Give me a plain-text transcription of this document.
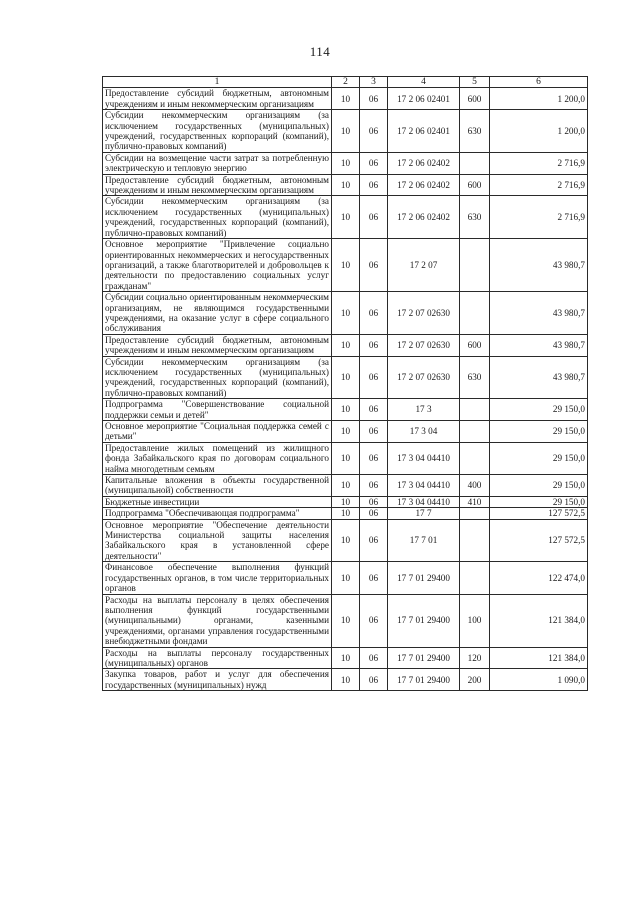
114
1	2	3	4	5	6
Предоставление субсидий бюджетным, автономным учреждениям и иным некоммерческим организациям	10	06	17 2 06 02401	600	1 200,0
Субсидии некоммерческим организациям (за исключением государственных (муниципальных) учреждений, государственных корпораций (компаний), публично-правовых компаний)	10	06	17 2 06 02401	630	1 200,0
Субсидии на возмещение части затрат за потребленную электрическую и тепловую энергию	10	06	17 2 06 02402		2 716,9
Предоставление субсидий бюджетным, автономным учреждениям и иным некоммерческим организациям	10	06	17 2 06 02402	600	2 716,9
Субсидии некоммерческим организациям (за исключением государственных (муниципальных) учреждений, государственных корпораций (компаний), публично-правовых компаний)	10	06	17 2 06 02402	630	2 716,9
Основное мероприятие "Привлечение социально ориентированных некоммерческих и негосударственных организаций, а также благотворителей и добровольцев к деятельности по предоставлению социальных услуг гражданам"	10	06	17 2 07		43 980,7
Субсидии социально ориентированным некоммерческим организациям, не являющимся государственными учреждениями, на оказание услуг в сфере социального обслуживания	10	06	17 2 07 02630		43 980,7
Предоставление субсидий бюджетным, автономным учреждениям и иным некоммерческим организациям	10	06	17 2 07 02630	600	43 980,7
Субсидии некоммерческим организациям (за исключением государственных (муниципальных) учреждений, государственных корпораций (компаний), публично-правовых компаний)	10	06	17 2 07 02630	630	43 980,7
Подпрограмма "Совершенствование социальной поддержки семьи и детей"	10	06	17 3		29 150,0
Основное мероприятие "Социальная поддержка семей с детьми"	10	06	17 3 04		29 150,0
Предоставление жилых помещений из жилищного фонда Забайкальского края по договорам социального найма многодетным семьям	10	06	17 3 04 04410		29 150,0
Капитальные вложения в объекты государственной (муниципальной) собственности	10	06	17 3 04 04410	400	29 150,0
Бюджетные инвестиции	10	06	17 3 04 04410	410	29 150,0
Подпрограмма "Обеспечивающая подпрограмма"	10	06	17 7		127 572,5
Основное мероприятие "Обеспечение деятельности Министерства социальной защиты населения Забайкальского края в установленной сфере деятельности"	10	06	17 7 01		127 572,5
Финансовое обеспечение выполнения функций государственных органов, в том числе территориальных органов	10	06	17 7 01 29400		122 474,0
Расходы на выплаты персоналу в целях обеспечения выполнения функций государственными (муниципальными) органами, казенными учреждениями, органами управления государственными внебюджетными фондами	10	06	17 7 01 29400	100	121 384,0
Расходы на выплаты персоналу государственных (муниципальных) органов	10	06	17 7 01 29400	120	121 384,0
Закупка товаров, работ и услуг для обеспечения государственных (муниципальных) нужд	10	06	17 7 01 29400	200	1 090,0
